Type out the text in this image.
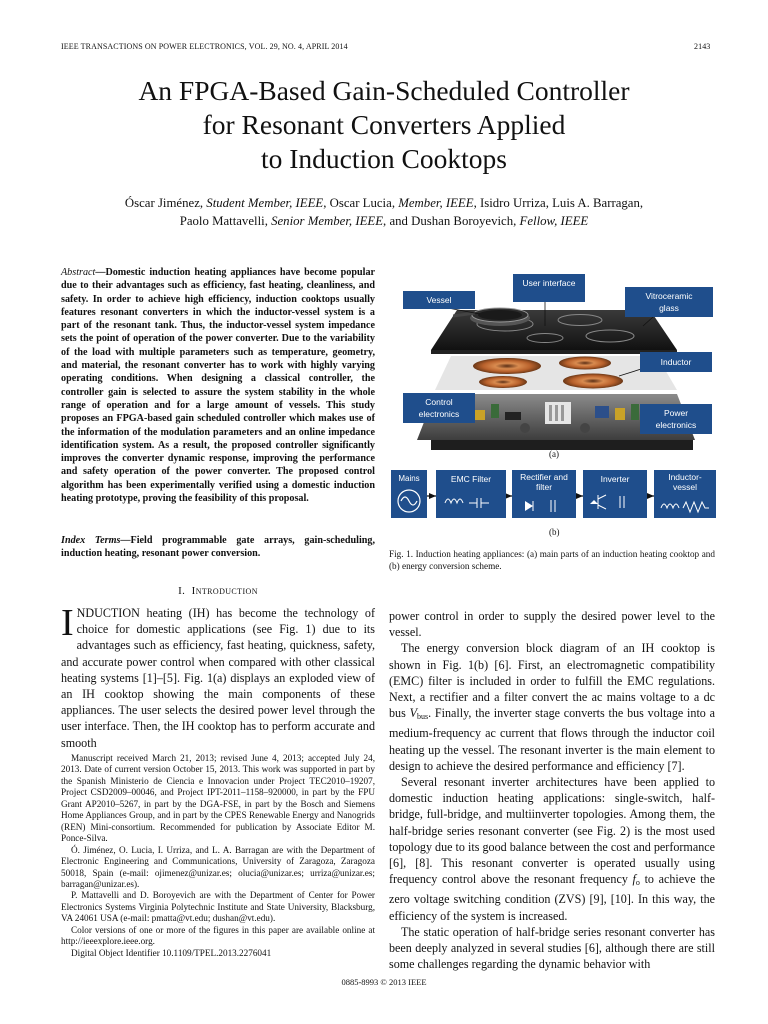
IEEE TRANSACTIONS ON POWER ELECTRONICS, VOL. 29, NO. 4, APRIL 2014	2143
An FPGA-Based Gain-Scheduled Controller
for Resonant Converters Applied
to Induction Cooktops
Óscar Jiménez, Student Member, IEEE, Oscar Lucia, Member, IEEE, Isidro Urriza, Luis A. Barragan,
Paolo Mattavelli, Senior Member, IEEE, and Dushan Boroyevich, Fellow, IEEE
Abstract—Domestic induction heating appliances have become popular due to their advantages such as efficiency, fast heating, cleanliness, and safety. In order to achieve high efficiency, induction cooktops usually features resonant converters in which the inductor-vessel system is a part of the resonant tank. Thus, the inductor-vessel system impedance sets the point of operation of the power converter. Due to the variability of the load with multiple parameters such as temperature, geometry, and material, the resonant converter has to work with highly varying operating conditions. When designing a classical controller, the controller gain is selected to assure the system stability in the whole range of operation and for a large amount of vessels. This study proposes an FPGA-based gain scheduled controller which makes use of the information of the modulation parameters and an online impedance identification system. As a result, the proposed controller significantly improves the converter dynamic response, improving the performance and safety operation of the power converter. The proposed control algorithm has been experimentally verified using a domestic induction heating prototype, proving the feasibility of this proposal.
Index Terms—Field programmable gate arrays, gain-scheduling, induction heating, resonant power conversion.
I. Introduction
INDUCTION heating (IH) has become the technology of choice for domestic applications (see Fig. 1) due to its advantages such as efficiency, fast heating, quickness, safety, and accurate power control when compared with other classical heating systems [1]–[5]. Fig. 1(a) displays an exploded view of an IH cooktop showing the main components of these appliances. The user selects the desired power level through the user interface. Then, the IH cooktop has to perform accurate and smooth

Manuscript received March 21, 2013; revised June 4, 2013; accepted July 24, 2013. Date of current version October 15, 2013. This work was supported in part by the Spanish Ministerio de Ciencia e Innovacion under Project TEC2010–19207, Project CSD2009–00046, and Project IPT-2011–1158–920000, in part by the FPU Grant AP2010–5267, in part by the DGA-FSE, in part by the Bosch and Siemens Home Appliances Group, and in part by the CPES Renewable Energy and Nanogrids (REN) Mini-consortium. Recommended for publication by Associate Editor M. Ponce-Silva.

Ó. Jiménez, O. Lucia, I. Urriza, and L. A. Barragan are with the Department of Electronic Engineering and Communications, University of Zaragoza, Zaragoza 50018, Spain (e-mail: ojimenez@unizar.es; olucia@unizar.es; urriza@unizar.es; barragan@unizar.es).

P. Mattavelli and D. Boroyevich are with the Department of Center for Power Electronics Systems Virginia Polytechnic Institute and State University, Blacksburg, VA 24061 USA (e-mail: pmatta@vt.edu; dushan@vt.edu).

Color versions of one or more of the figures in this paper are available online at http://ieeexplore.ieee.org.

Digital Object Identifier 10.1109/TPEL.2013.2276041

Vessel
User interface
Vitroceramic glass
Inductor
Control electronics	Power electronics
(a)
Mains	EMC Filter	Rectifier and filter
Inverter	Inductor-vessel
(b)
Fig. 1. Induction heating appliances: (a) main parts of an induction heating cooktop and (b) energy conversion scheme.

power control in order to supply the desired power level to the vessel.

The energy conversion block diagram of an IH cooktop is shown in Fig. 1(b) [6]. First, an electromagnetic compatibility (EMC) filter is included in order to fulfill the EMC regulations. Next, a rectifier and a filter convert the ac mains voltage to a dc bus $V_{bus}$. Finally, the inverter stage converts the bus voltage into a medium-frequency ac current that flows through the inductor coil heating up the vessel. The resonant inverter is the main element to design to achieve the desired performance and efficiency [7].

Several resonant inverter architectures have been applied to domestic induction heating applications: single-switch, half-bridge, full-bridge, and multiinverter topologies. Among them, the half-bridge series resonant converter (see Fig. 2) is the most used topology due to its good balance between the cost and performance [6], [8]. This resonant converter is operated usually using frequency control above the resonant frequency $f_o$ to achieve the zero voltage switching condition (ZVS) [9], [10]. In this way, the efficiency of the system is increased.

The static operation of half-bridge series resonant converter has been deeply analyzed in several studies [6], although there are still some challenges regarding the dynamic behavior with

0885-8993 © 2013 IEEE
